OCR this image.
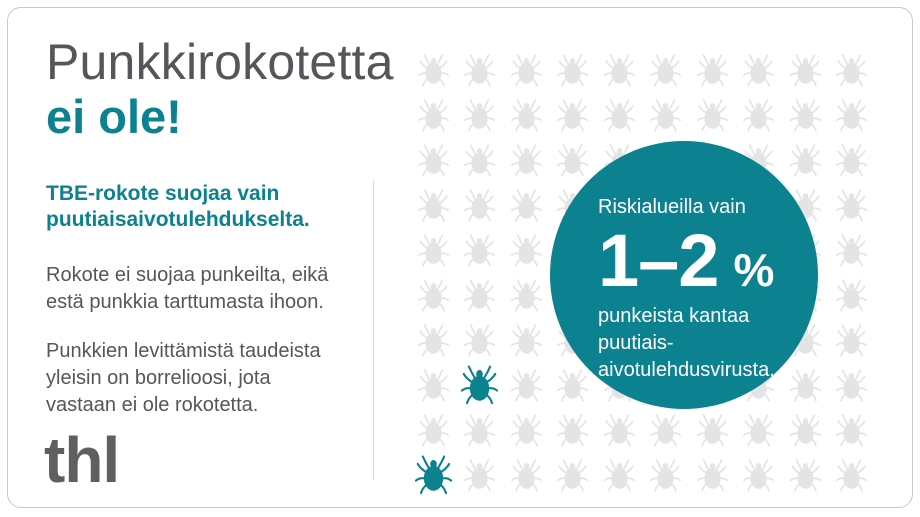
Punkkirokotetta
ei ole!
TBE-rokote suojaa vain
puutiaisaivotulehdukselta.
Rokote ei suojaa punkeilta, eikä
estä punkkia tarttumasta ihoon.
Punkkien levittämistä taudeista
yleisin on borrelioosi, jota
vastaan ei ole rokotetta.
thl
Riskialueilla vain
1–2 %
punkeista kantaa puutiais-
aivotulehdusvirusta.
